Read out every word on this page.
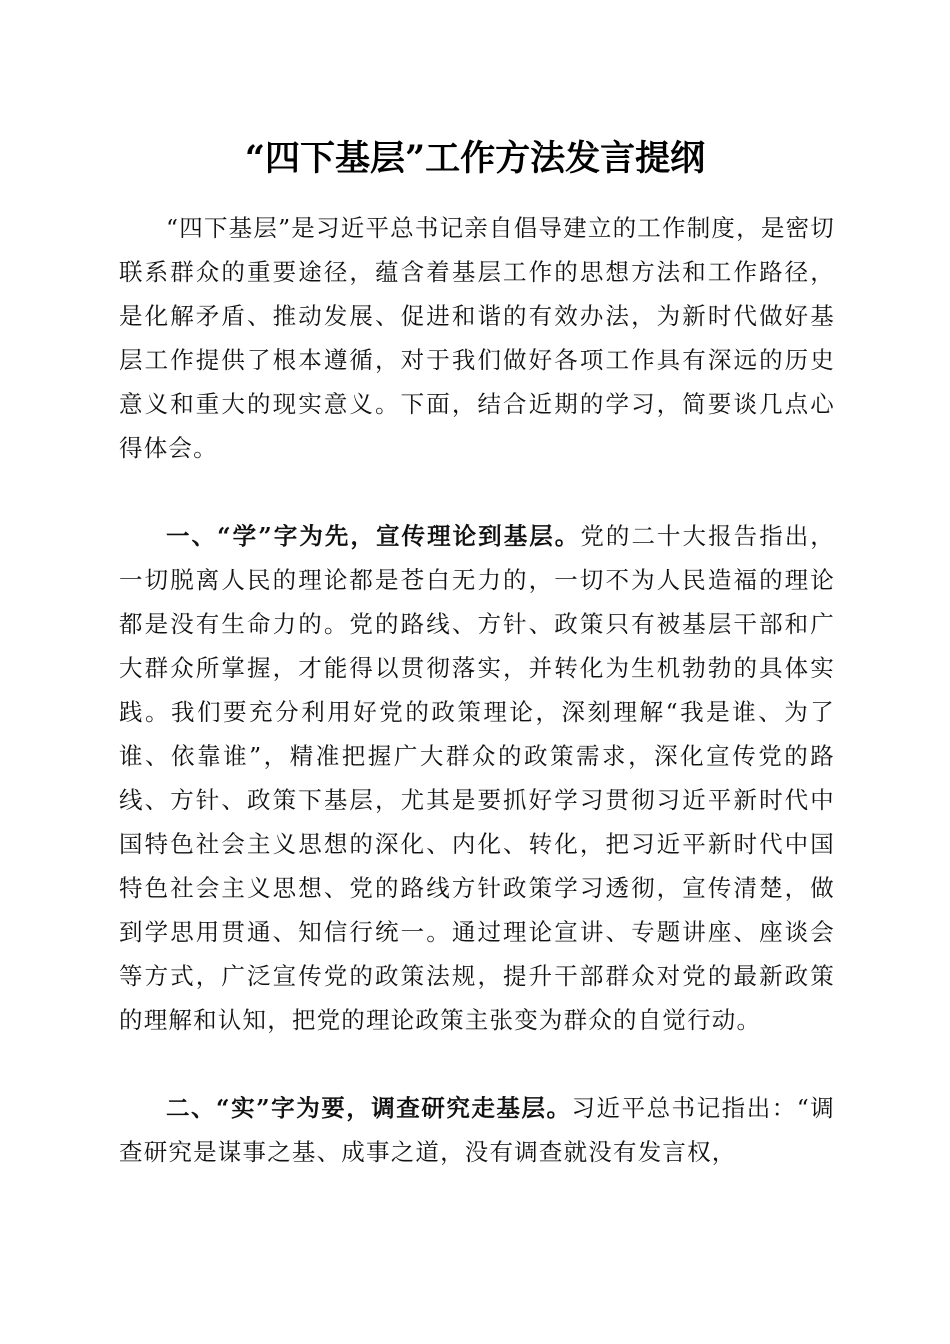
“四下基层”工作方法发言提纲

“四下基层”是习近平总书记亲自倡导建立的工作制度，是密切联系群众的重要途径，蕴含着基层工作的思想方法和工作路径，是化解矛盾、推动发展、促进和谐的有效办法，为新时代做好基层工作提供了根本遵循，对于我们做好各项工作具有深远的历史意义和重大的现实意义。下面，结合近期的学习，简要谈几点心得体会。

一、“学”字为先，宣传理论到基层。党的二十大报告指出，一切脱离人民的理论都是苍白无力的，一切不为人民造福的理论都是没有生命力的。党的路线、方针、政策只有被基层干部和广大群众所掌握，才能得以贯彻落实，并转化为生机勃勃的具体实践。我们要充分利用好党的政策理论，深刻理解“我是谁、为了谁、依靠谁”，精准把握广大群众的政策需求，深化宣传党的路线、方针、政策下基层，尤其是要抓好学习贯彻习近平新时代中国特色社会主义思想的深化、内化、转化，把习近平新时代中国特色社会主义思想、党的路线方针政策学习透彻，宣传清楚，做到学思用贯通、知信行统一。通过理论宣讲、专题讲座、座谈会等方式，广泛宣传党的政策法规，提升干部群众对党的最新政策的理解和认知，把党的理论政策主张变为群众的自觉行动。

二、“实”字为要，调查研究走基层。习近平总书记指出：“调查研究是谋事之基、成事之道，没有调查就没有发言权，
